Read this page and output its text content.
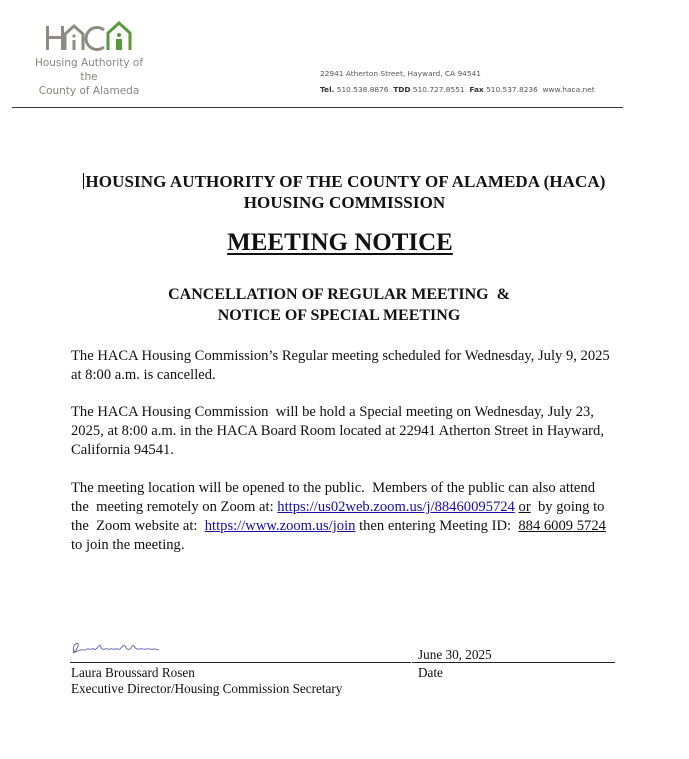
Housing Authority of the
County of Alameda
22941 Atherton Street, Hayward, CA 94541
Tel. 510.538.8876 TDD 510.727.8551 Fax 510.537.8236 www.haca.net
HOUSING AUTHORITY OF THE COUNTY OF ALAMEDA (HACA)
HOUSING COMMISSION
MEETING NOTICE
CANCELLATION OF REGULAR MEETING  &
NOTICE OF SPECIAL MEETING
The HACA Housing Commission’s Regular meeting scheduled for Wednesday, July 9, 2025 at 8:00 a.m. is cancelled.
The HACA Housing Commission  will be hold a Special meeting on Wednesday, July 23, 2025, at 8:00 a.m. in the HACA Board Room located at 22941 Atherton Street in Hayward, California 94541.
The meeting location will be opened to the public.  Members of the public can also attend the  meeting remotely on Zoom at: https://us02web.zoom.us/j/88460095724 or  by going to the  Zoom website at:  https://www.zoom.us/join then entering Meeting ID:  884 6009 5724 to join the meeting.
Laura Broussard Rosen
Executive Director/Housing Commission Secretary
June 30, 2025
Date
